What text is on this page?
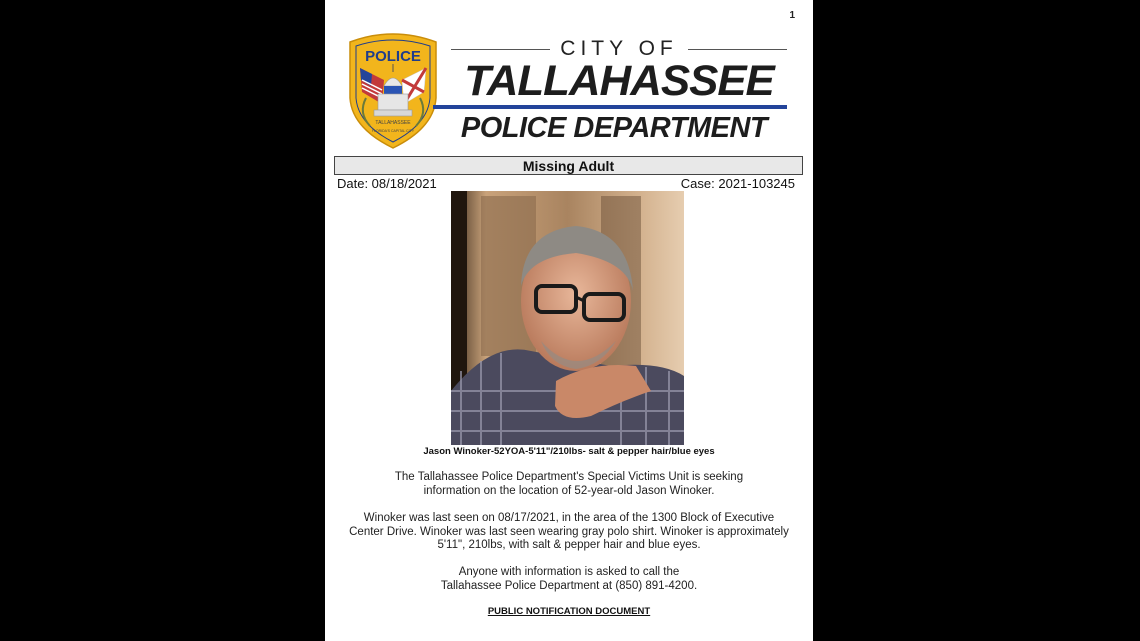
1
POLICE
TALLAHASSEE
FLORIDA'S CAPITAL CITY
CITY OF
TALLAHASSEE
POLICE DEPARTMENT
Missing Adult
Date: 08/18/2021	Case: 2021-103245
Jason Winoker-52YOA-5'11"/210lbs- salt & pepper hair/blue eyes
The Tallahassee Police Department's Special Victims Unit is seeking
information on the location of 52-year-old Jason Winoker.
Winoker was last seen on 08/17/2021, in the area of the 1300 Block of Executive
Center Drive. Winoker was last seen wearing gray polo shirt. Winoker is approximately
5'11", 210lbs, with salt & pepper hair and blue eyes.
Anyone with information is asked to call the
Tallahassee Police Department at (850) 891-4200.
PUBLIC NOTIFICATION DOCUMENT
